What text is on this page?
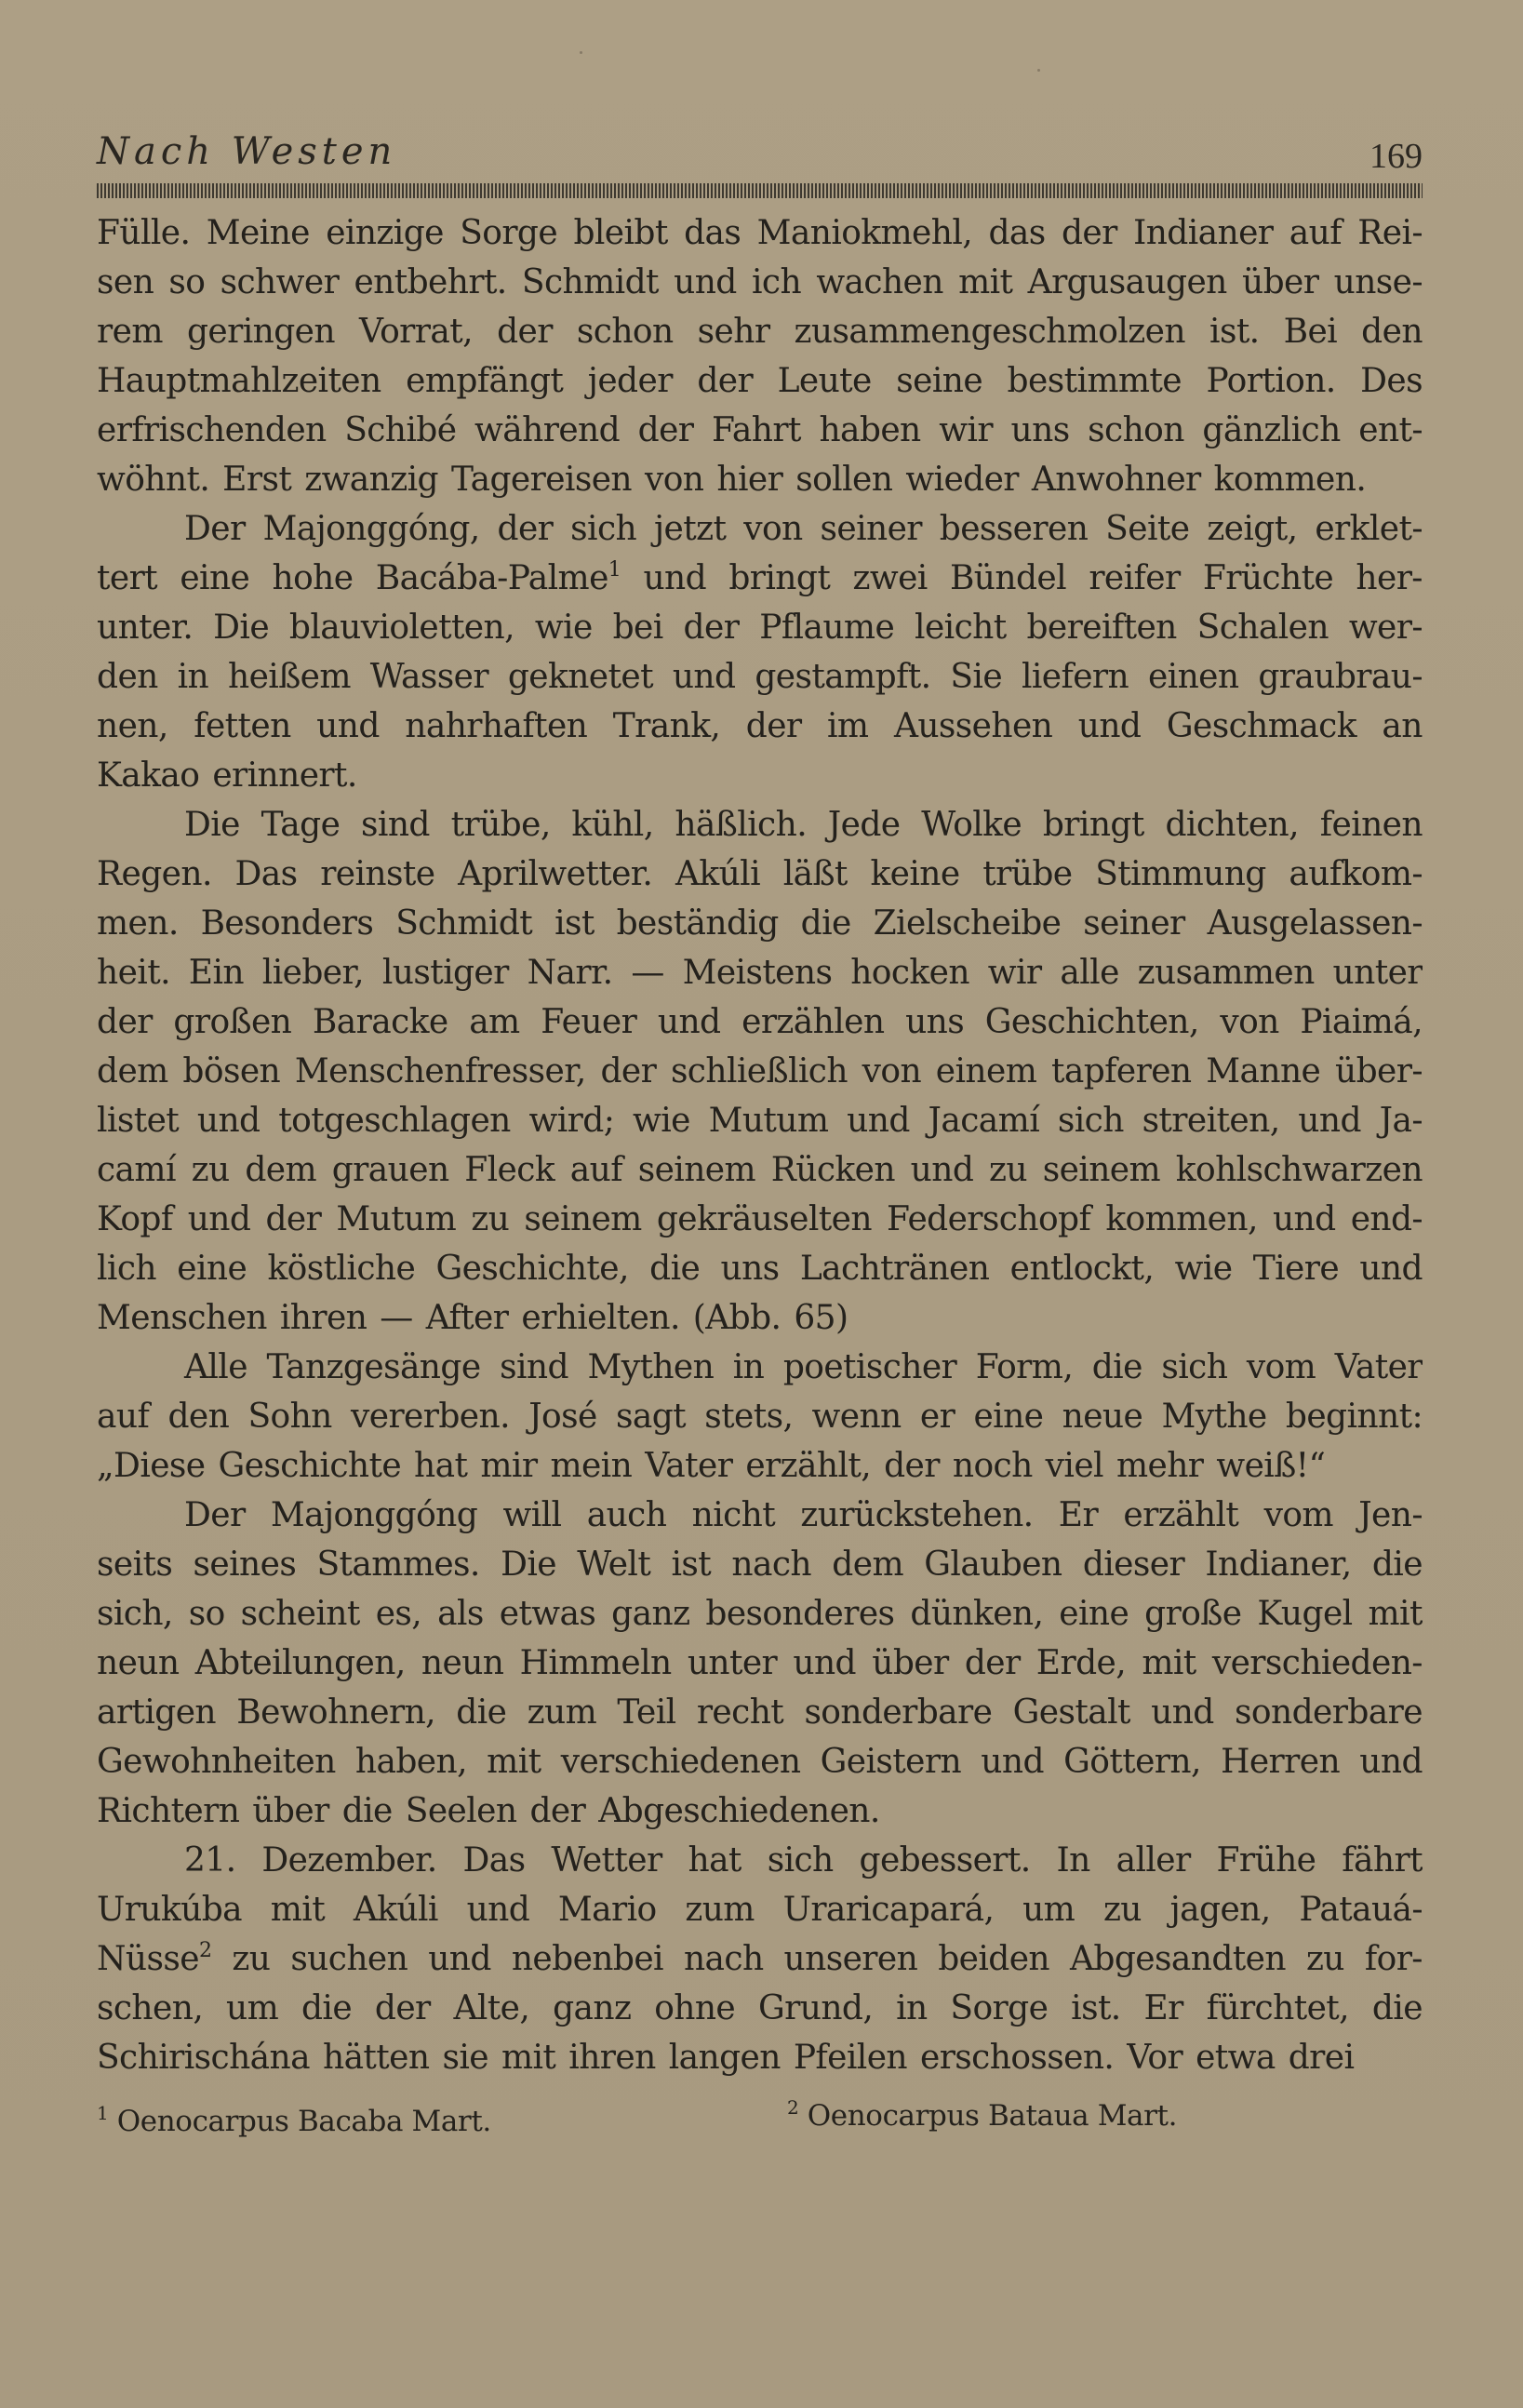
Nach Westen	169
Fülle. Meine einzige Sorge bleibt das Maniokmehl, das der Indianer auf Rei-
sen so schwer entbehrt. Schmidt und ich wachen mit Argusaugen über unse-
rem geringen Vorrat, der schon sehr zusammengeschmolzen ist. Bei den
Hauptmahlzeiten empfängt jeder der Leute seine bestimmte Portion. Des
erfrischenden Schibé während der Fahrt haben wir uns schon gänzlich ent-
wöhnt. Erst zwanzig Tagereisen von hier sollen wieder Anwohner kommen.
Der Majonggóng, der sich jetzt von seiner besseren Seite zeigt, erklet-
tert eine hohe Bacába-Palme$^1$ und bringt zwei Bündel reifer Früchte her-
unter. Die blauvioletten, wie bei der Pflaume leicht bereiften Schalen wer-
den in heißem Wasser geknetet und gestampft. Sie liefern einen graubrau-
nen, fetten und nahrhaften Trank, der im Aussehen und Geschmack an
Kakao erinnert.
Die Tage sind trübe, kühl, häßlich. Jede Wolke bringt dichten, feinen
Regen. Das reinste Aprilwetter. Akúli läßt keine trübe Stimmung aufkom-
men. Besonders Schmidt ist beständig die Zielscheibe seiner Ausgelassen-
heit. Ein lieber, lustiger Narr. — Meistens hocken wir alle zusammen unter
der großen Baracke am Feuer und erzählen uns Geschichten, von Piaimá,
dem bösen Menschenfresser, der schließlich von einem tapferen Manne über-
listet und totgeschlagen wird; wie Mutum und Jacamí sich streiten, und Ja-
camí zu dem grauen Fleck auf seinem Rücken und zu seinem kohlschwarzen
Kopf und der Mutum zu seinem gekräuselten Federschopf kommen, und end-
lich eine köstliche Geschichte, die uns Lachtränen entlockt, wie Tiere und
Menschen ihren — After erhielten. (Abb. 65)
Alle Tanzgesänge sind Mythen in poetischer Form, die sich vom Vater
auf den Sohn vererben. José sagt stets, wenn er eine neue Mythe beginnt:
„Diese Geschichte hat mir mein Vater erzählt, der noch viel mehr weiß!“
Der Majonggóng will auch nicht zurückstehen. Er erzählt vom Jen-
seits seines Stammes. Die Welt ist nach dem Glauben dieser Indianer, die
sich, so scheint es, als etwas ganz besonderes dünken, eine große Kugel mit
neun Abteilungen, neun Himmeln unter und über der Erde, mit verschieden-
artigen Bewohnern, die zum Teil recht sonderbare Gestalt und sonderbare
Gewohnheiten haben, mit verschiedenen Geistern und Göttern, Herren und
Richtern über die Seelen der Abgeschiedenen.
21. Dezember. Das Wetter hat sich gebessert. In aller Frühe fährt
Urukúba mit Akúli und Mario zum Uraricapará, um zu jagen, Patauá-
Nüsse$^2$ zu suchen und nebenbei nach unseren beiden Abgesandten zu for-
schen, um die der Alte, ganz ohne Grund, in Sorge ist. Er fürchtet, die
Schirischána hätten sie mit ihren langen Pfeilen erschossen. Vor etwa drei
$^1$ Oenocarpus Bacaba Mart.	$^2$ Oenocarpus Bataua Mart.
